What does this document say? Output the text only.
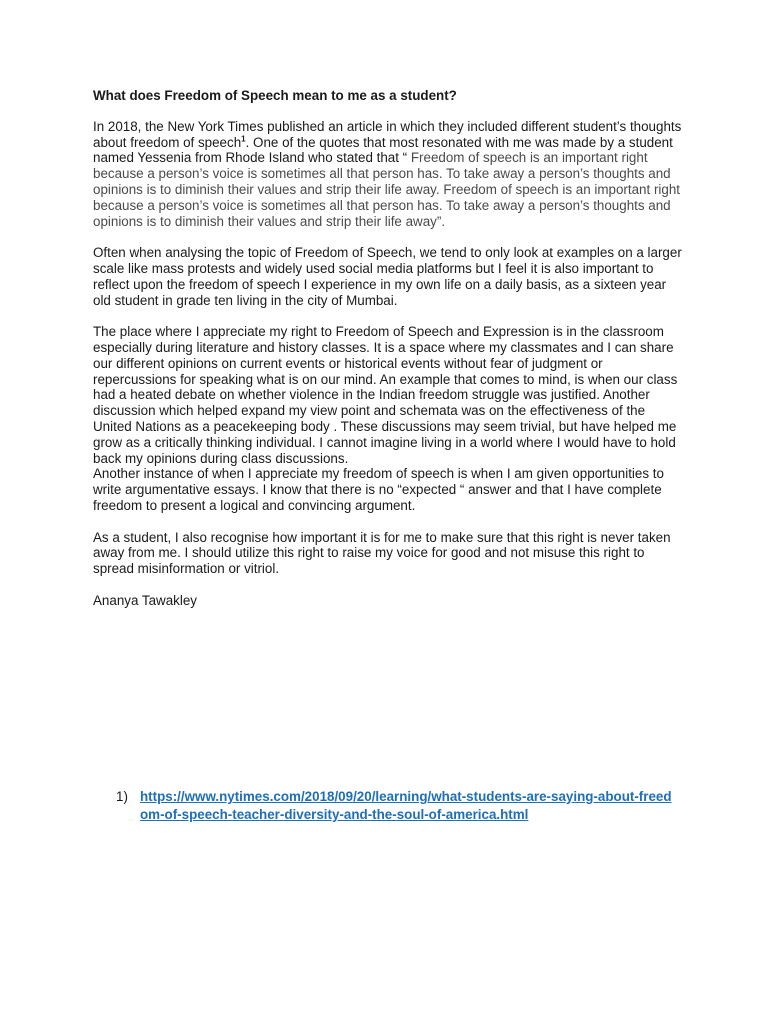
What does Freedom of Speech mean to me as a student?

In 2018, the New York Times published an article in which they included different student’s thoughts about freedom of speech$^1$. One of the quotes that most resonated with me was made by a student named Yessenia from Rhode Island who stated that “ Freedom of speech is an important right because a person’s voice is sometimes all that person has. To take away a person’s thoughts and opinions is to diminish their values and strip their life away. Freedom of speech is an important right because a person’s voice is sometimes all that person has. To take away a person’s thoughts and opinions is to diminish their values and strip their life away”.

Often when analysing the topic of Freedom of Speech, we tend to only look at examples on a larger scale like mass protests and widely used social media platforms but I feel it is also important to reflect upon the freedom of speech I experience in my own life on a daily basis, as a sixteen year old student in grade ten living in the city of Mumbai.

The place where I appreciate my right to Freedom of Speech and Expression is in the classroom especially during literature and history classes. It is a space where my classmates and I can share our different opinions on current events or historical events without fear of judgment or repercussions for speaking what is on our mind. An example that comes to mind, is when our class had a heated debate on whether violence in the Indian freedom struggle was justified. Another discussion which helped expand my view point and schemata was on the effectiveness of the United Nations as a peacekeeping body . These discussions may seem trivial, but have helped me grow as a critically thinking individual. I cannot imagine living in a world where I would have to hold back my opinions during class discussions.

Another instance of when I appreciate my freedom of speech is when I am given opportunities to write argumentative essays. I know that there is no “expected “ answer and that I have complete freedom to present a logical and convincing argument.

As a student, I also recognise how important it is for me to make sure that this right is never taken away from me. I should utilize this right to raise my voice for good and not misuse this right to spread misinformation or vitriol.

Ananya Tawakley

1) https://www.nytimes.com/2018/09/20/learning/what-students-are-saying-about-freedom-of-speech-teacher-diversity-and-the-soul-of-america.html
